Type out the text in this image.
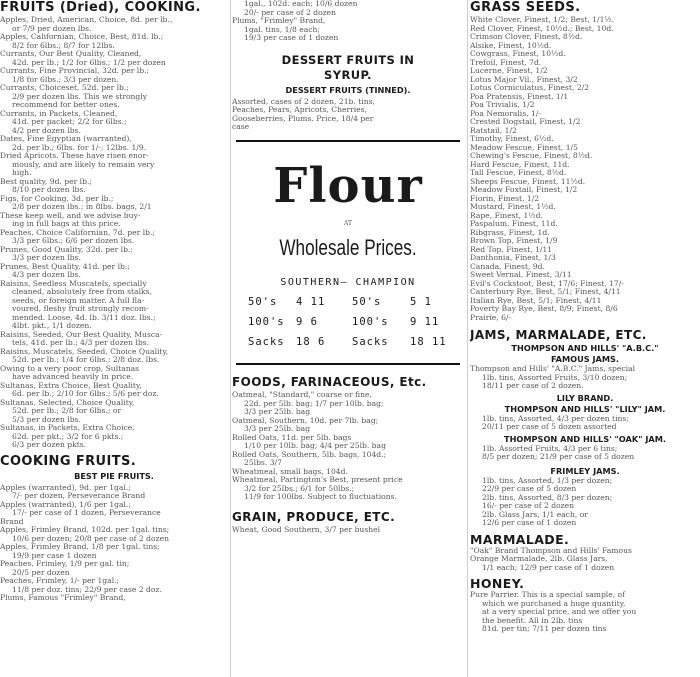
FRUITS (Dried), COOKING.
Apples, Dried, American, Choice, 8d. per lb.,
or 7/9 per dozen lbs.
Apples, Californian, Choice, Best, 81d. lb.;
8/2 for 6lbs.; 8/7 for 12lbs.
Currants, Our Best Quality, Cleaned,
42d. per lb.; 1/2 for 6lbs.; 1/2 per dozen
Currants, Fine Provincial, 32d. per lb.;
1/8 for 6lbs.; 3/3 per dozen.
Currants, Choiceset, 52d. per lb.;
2/9 per dozen lbs. This we strongly
recommend for better ones.
Currants, in Packets, Cleaned,
41d. per packet; 2/2 for 6lbs.;
4/2 per dozen lbs.
Dates, Fine Egyptian (warranted),
2d. per lb.; 6lbs. for 1/-; 12lbs. 1/9.
Dried Apricots. These have risen enor-
mously, and are likely to remain very
high.
Best quality, 9d. per lb.;
8/10 per dozen lbs.
Figs, for Cooking, 3d. per lb.;
2/8 per dozen lbs.; in 8lbs. bags, 2/1
These keep well, and we advise buy-
ing in full bags at this price.
Peaches, Choice Californian, 7d. per lb.;
3/3 per 6lbs.; 6/6 per dozen lbs.
Prunes, Good Quality, 32d. per lb.;
3/3 per dozen lbs.
Prunes, Best Quality, 41d. per lb.;
4/3 per dozen lbs.
Raisins, Seedless Muscatels, specially
cleaned, absolutely free from stalks,
seeds, or foreign matter. A full fla-
voured, fleshy fruit strongly recom-
mended. Loose, 4d. lb. 3/11 doz. lbs.;
4lbt. pkt., 1/1 dozen.
Raisins, Seeded, Our Best Quality, Musca-
tels, 41d. per lb.; 4/3 per dozen lbs.
Raisins, Muscatels, Seeded, Choice Quality,
52d. per lb.; 1/4 for 6lbs.; 2/8 doz. lbs.
Owing to a very poor crop, Sultanas
have advanced heavily in price.
Sultanas, Extra Choice, Best Quality,
6d. per lb.; 2/10 for 6lbs.; 5/6 per doz.
Sultanas, Selected, Choice Quality,
52d. per lb.; 2/8 for 6lbs.; or
5/3 per dozen lbs.
Sultanas, in Packets, Extra Choice,
62d. per pkt.; 3/2 for 6 pkts.;
6/3 per dozen pkts.
COOKING FRUITS.
BEST PIE FRUITS.
Apples (warranted), 9d. per 1gal.;
7/- per dozen, Perseverance Brand
Apples (warranted), 1/6 per 1gal.;
17/- per case of 1 dozen, Perseverance
Brand
Apples, Frimley Brand, 102d. per 1gal. tins;
10/6 per dozen; 20/8 per case of 2 dozen
Apples, Frimley Brand, 1/8 per 1gal. tins;
19/9 per case 1 dozen
Peaches, Frimley, 1/9 per gal. tin;
20/5 per dozen
Peaches, Frimley, 1/- per 1gal.;
11/8 per doz. tins; 22/9 per case 2 doz.
Plums, Famous "Frimley" Brand,
1gal., 102d. each; 10/6 dozen
20/- per case of 2 dozen
Plums, "Frimley" Brand,
1gal. tins, 1/8 each;
19/3 per case of 1 dozen
DESSERT FRUITS IN
SYRUP.
DESSERT FRUITS (TINNED).
Assorted, cases of 2 dozen, 21b. tins,
Peaches, Pears, Apricots, Cherries,
Gooseberries, Plums. Price, 18/4 per
case
Flour
AT
Wholesale Prices.
SOUTHERN– CHAMPION
50's 4 11	50's	5 1
100's 9 6	100's 9 11
Sacks 18 6	Sacks 18 11
FOODS, FARINACEOUS, Etc.
Oatmeal, "Standard," coarse or fine,
22d. per 5lb. bag; 1/7 per 10lb. bag;
3/3 per 25lb. bag
Oatmeal, Southern, 10d. per 7lb. bag;
3/3 per 25lb. bag
Rolled Oats, 11d. per 5lb. bags
1/10 per 10lb. bag; 4/4 per 25lb. bag
Rolled Oats, Southern, 5lb. bags, 104d.;
25lbs. 3/7
Wheatmeal, small bags, 104d.
Wheatmeal, Partington's Best, present price
3/2 for 25lbs.; 6/1 for 50lbs.;
11/9 for 100lbs. Subject to fluctuations.
GRAIN, PRODUCE, ETC.
Wheat, Good Southern, 3/7 per bushel
GRASS SEEDS.
White Clover, Finest, 1/2; Best, 1/1½.
Red Clover, Finest, 10½d.; Best, 10d.
Crimson Clover, Finest, 8½d.
Alsike, Finest, 10½d.
Cowgrass, Finest, 10½d.
Trefoil, Finest, 7d.
Lucerne, Finest, 1/2
Lotus Major Vil., Finest, 3/2
Lotus Corniculatus, Finest, 2/2
Poa Pratensis, Finest, 1/1
Poa Trivialis, 1/2
Poa Nemoralis, 1/-
Crested Dogstail, Finest, 1/2
Ratstail, 1/2
Timothy, Finest, 6½d.
Meadow Fescue, Finest, 1/5
Chewing's Fescue, Finest, 8½d.
Hard Fescue, Finest, 11d.
Tall Fescue, Finest, 8½d.
Sheeps Fescue, Finest, 11½d.
Meadow Foxtail, Finest, 1/2
Fiorin, Finest, 1/2
Mustard, Finest, 1½d.
Rape, Finest, 1½d.
Paspalum, Finest, 11d.
Ribgrass, Finest, 1d.
Brown Top, Finest, 1/9
Red Top, Finest, 1/11
Danthonia, Finest, 1/3
Canada, Finest, 9d.
Sweet Vernal, Finest, 3/11
Evil's Cockstoot, Best, 17/6; Finest, 17/-
Canterbury Rye, Best, 5/1; Finest, 4/11
Italian Rye, Best, 5/1; Finest, 4/11
Poverty Bay Rye, Best, 8/9; Finest, 8/6
Prairie, 6/-
JAMS, MARMALADE, ETC.
THOMPSON AND HILLS' "A.B.C."
FAMOUS JAMS.
Thompson and Hills' "A.B.C." Jams, special
1lb. tins, Assorted Fruits, 3/10 dozen;
18/11 per case of 2 dozen.
LILY BRAND.
THOMPSON AND HILLS' "LILY" JAM.
1lb. tins, Assorted, 4/3 per dozen tins;
20/11 per case of 5 dozen assorted
THOMPSON AND HILLS' "OAK" JAM.
1lb. Assorted Fruits, 4/3 per 6 tins;
8/5 per dozen; 21/9 per case of 5 dozen
FRIMLEY JAMS.
1lb. tins, Assorted, 1/3 per dozen;
22/9 per case of 5 dozen
2lb. tins, Assorted, 8/3 per dozen;
16/- per case of 2 dozen
2lb. Glass Jars, 1/1 each, or
12/6 per case of 1 dozen
MARMALADE.
"Oak" Brand Thompson and Hills' Famous
Orange Marmalade, 2lb. Glass Jars,
1/1 each; 12/9 per case of 1 dozen
HONEY.
Pure Parrier. This is a special sample, of
which we purchased a huge quantity,
at a very special price, and we offer you
the benefit. All in 2lb. tins
81d. per tin; 7/11 per dozen tins
